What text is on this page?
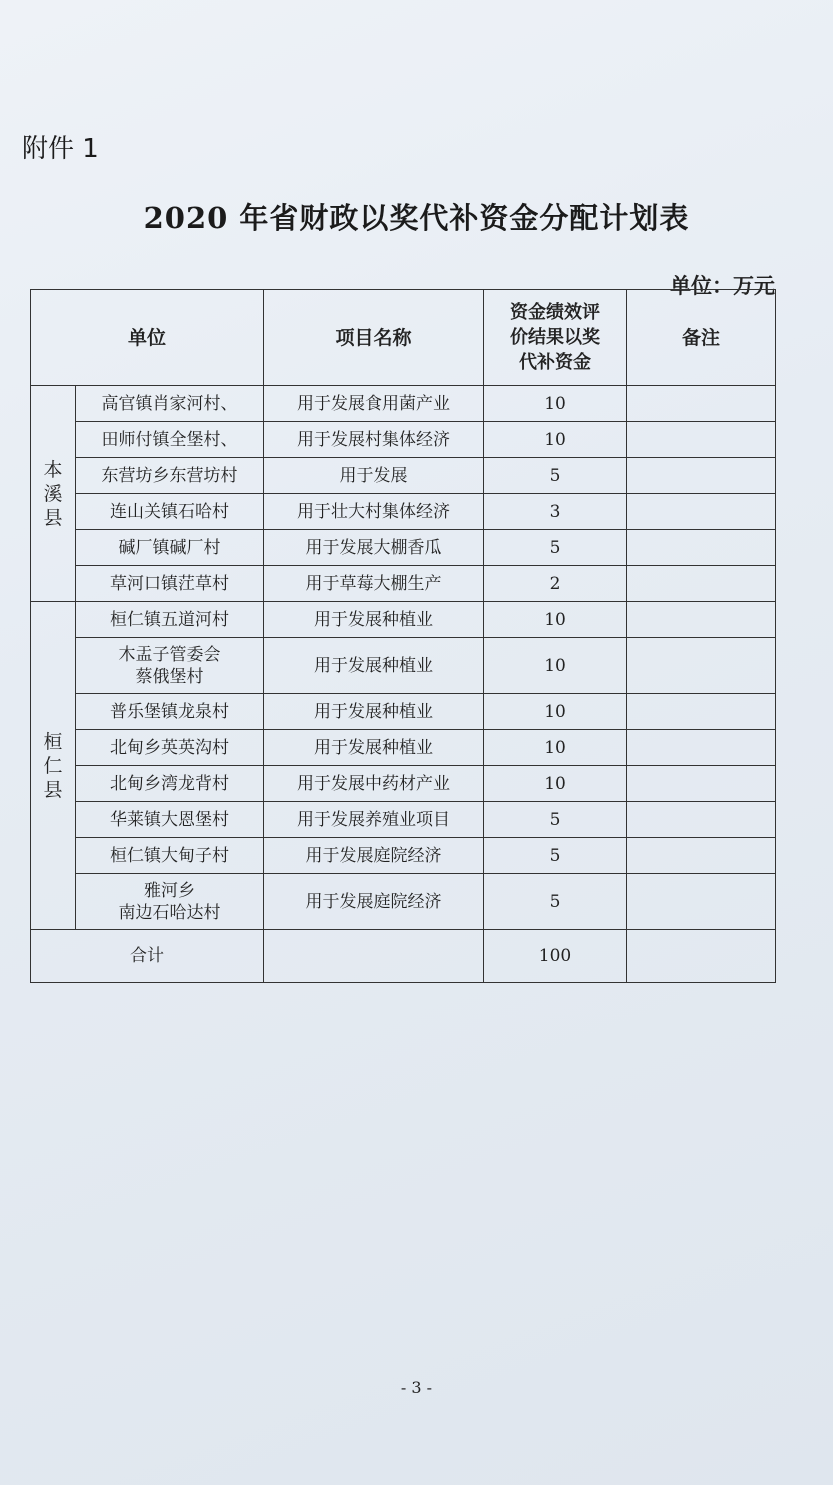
附件 1
2020 年省财政以奖代补资金分配计划表
单位：万元
单位		项目名称	资金绩效评
价结果以奖
代补资金	备注
本
溪
县	高官镇肖家河村、	用于发展食用菌产业	10	
	田师付镇全堡村、	用于发展村集体经济	10	
	东营坊乡东营坊村	用于发展	5	
	连山关镇石哈村	用于壮大村集体经济	3	
	碱厂镇碱厂村	用于发展大棚香瓜	5	
	草河口镇茳草村	用于草莓大棚生产	2	
桓
仁
县	桓仁镇五道河村	用于发展种植业	10	
	木盂子管委会
蔡俄堡村	用于发展种植业	10	
	普乐堡镇龙泉村	用于发展种植业	10	
	北甸乡英英沟村	用于发展种植业	10	
	北甸乡湾龙背村	用于发展中药材产业	10	
	华莱镇大恩堡村	用于发展养殖业项目	5	
	桓仁镇大甸子村	用于发展庭院经济	5	
	雅河乡
南边石哈达村	用于发展庭院经济	5	
合计			100	
- 3 -
